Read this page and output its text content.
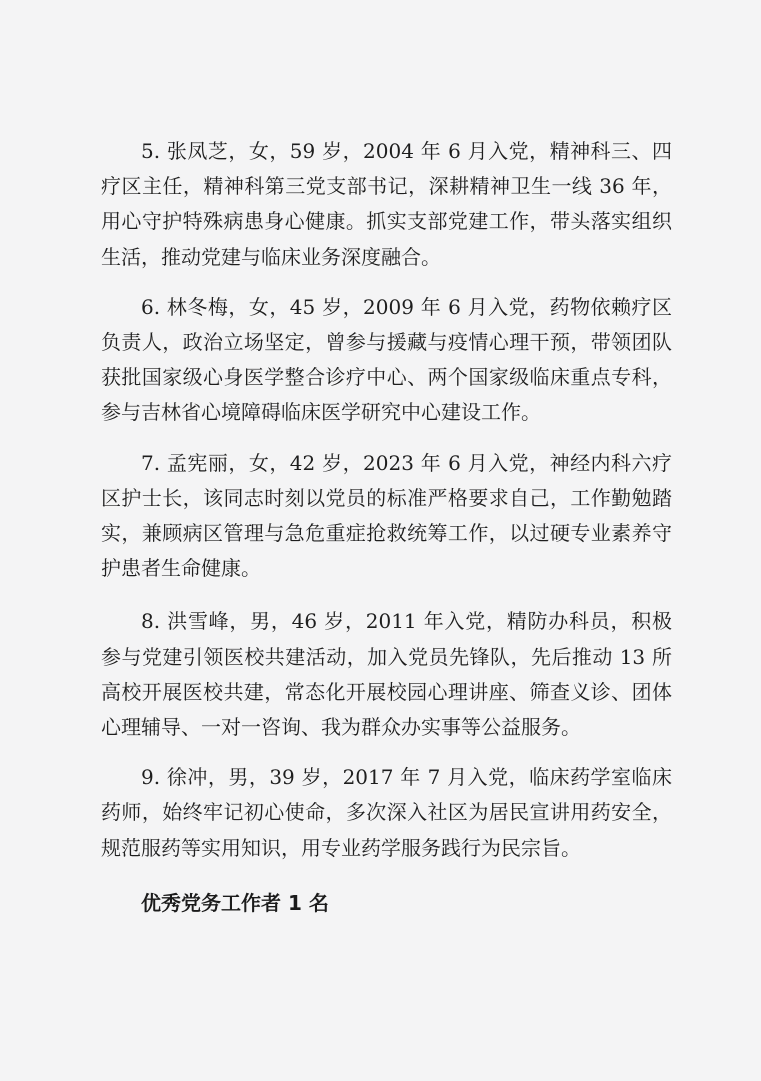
5. 张凤芝，女，59 岁，2004 年 6 月入党，精神科三、四疗区主任，精神科第三党支部书记，深耕精神卫生一线 36 年，用心守护特殊病患身心健康。抓实支部党建工作，带头落实组织生活，推动党建与临床业务深度融合。

6. 林冬梅，女，45 岁，2009 年 6 月入党，药物依赖疗区负责人，政治立场坚定，曾参与援藏与疫情心理干预，带领团队获批国家级心身医学整合诊疗中心、两个国家级临床重点专科，参与吉林省心境障碍临床医学研究中心建设工作。

7. 孟宪丽，女，42 岁，2023 年 6 月入党，神经内科六疗区护士长，该同志时刻以党员的标准严格要求自己，工作勤勉踏实，兼顾病区管理与急危重症抢救统筹工作，以过硬专业素养守护患者生命健康。

8. 洪雪峰，男，46 岁，2011 年入党，精防办科员，积极参与党建引领医校共建活动，加入党员先锋队，先后推动 13 所高校开展医校共建，常态化开展校园心理讲座、筛查义诊、团体心理辅导、一对一咨询、我为群众办实事等公益服务。

9. 徐冲，男，39 岁，2017 年 7 月入党，临床药学室临床药师，始终牢记初心使命，多次深入社区为居民宣讲用药安全，规范服药等实用知识，用专业药学服务践行为民宗旨。

优秀党务工作者 1 名
